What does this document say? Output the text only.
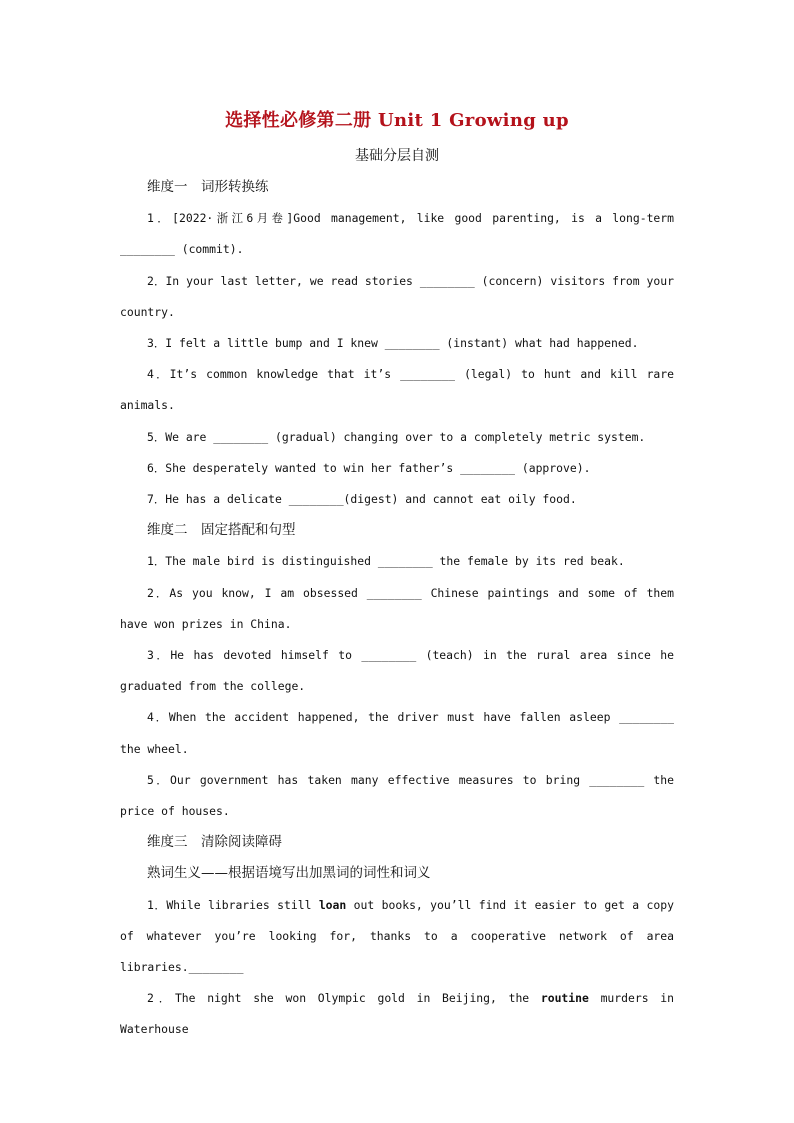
选择性必修第二册 Unit 1 Growing up
基础分层自测
维度一　词形转换练
1．[2022·浙江6月卷]Good management, like good parenting, is a long-term ________ (commit).
2．In your last letter, we read stories ________ (concern) visitors from your country.
3．I felt a little bump and I knew ________ (instant) what had happened.
4．It’s common knowledge that it’s ________ (legal) to hunt and kill rare animals.
5．We are ________ (gradual) changing over to a completely metric system.
6．She desperately wanted to win her father’s ________ (approve).
7．He has a delicate ________(digest) and cannot eat oily food.
维度二　固定搭配和句型
1．The male bird is distinguished ________ the female by its red beak.
2．As you know, I am obsessed ________ Chinese paintings and some of them have won prizes in China.
3．He has devoted himself to ________ (teach) in the rural area since he graduated from the college.
4．When the accident happened, the driver must have fallen asleep ________ the wheel.
5．Our government has taken many effective measures to bring ________ the price of houses.
维度三　清除阅读障碍
熟词生义——根据语境写出加黑词的词性和词义
1．While libraries still loan out books, you’ll find it easier to get a copy of whatever you’re looking for, thanks to a cooperative network of area libraries.________
2．The night she won Olympic gold in Beijing, the routine murders in Waterhouse
